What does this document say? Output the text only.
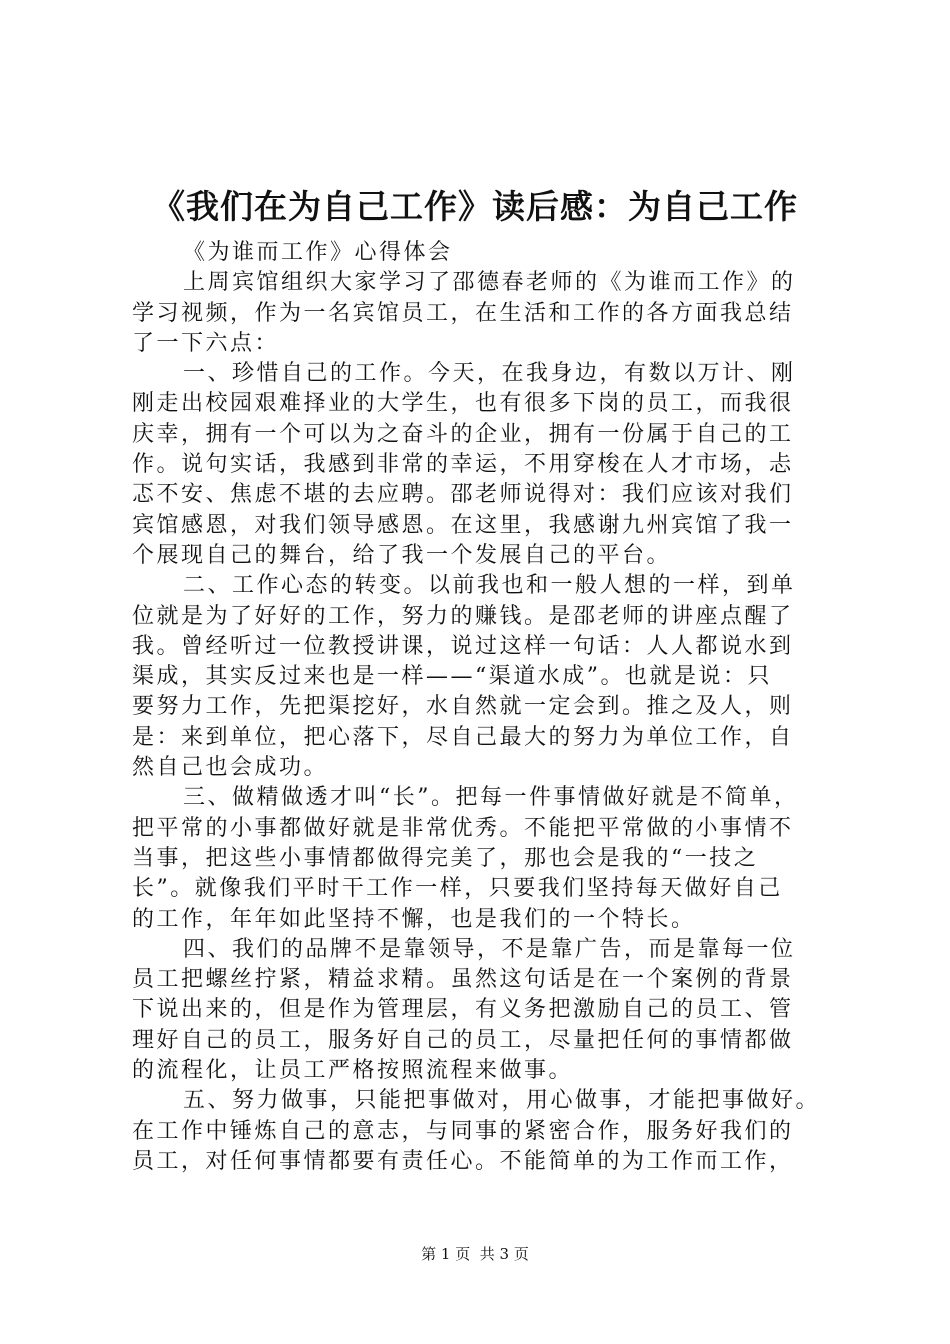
《我们在为自己工作》读后感：为自己工作
《为谁而工作》心得体会
上周宾馆组织大家学习了邵德春老师的《为谁而工作》的
学习视频，作为一名宾馆员工，在生活和工作的各方面我总结
了一下六点：
一、珍惜自己的工作。今天，在我身边，有数以万计、刚
刚走出校园艰难择业的大学生，也有很多下岗的员工，而我很
庆幸，拥有一个可以为之奋斗的企业，拥有一份属于自己的工
作。说句实话，我感到非常的幸运，不用穿梭在人才市场，忐
忑不安、焦虑不堪的去应聘。邵老师说得对：我们应该对我们
宾馆感恩，对我们领导感恩。在这里，我感谢九州宾馆了我一
个展现自己的舞台，给了我一个发展自己的平台。
二、工作心态的转变。以前我也和一般人想的一样，到单
位就是为了好好的工作，努力的赚钱。是邵老师的讲座点醒了
我。曾经听过一位教授讲课，说过这样一句话：人人都说水到
渠成，其实反过来也是一样——“渠道水成”。也就是说：只
要努力工作，先把渠挖好，水自然就一定会到。推之及人，则
是：来到单位，把心落下，尽自己最大的努力为单位工作，自
然自己也会成功。
三、做精做透才叫“长”。把每一件事情做好就是不简单，
把平常的小事都做好就是非常优秀。不能把平常做的小事情不
当事，把这些小事情都做得完美了，那也会是我的“一技之
长”。就像我们平时干工作一样，只要我们坚持每天做好自己
的工作，年年如此坚持不懈，也是我们的一个特长。
四、我们的品牌不是靠领导，不是靠广告，而是靠每一位
员工把螺丝拧紧，精益求精。虽然这句话是在一个案例的背景
下说出来的，但是作为管理层，有义务把激励自己的员工、管
理好自己的员工，服务好自己的员工，尽量把任何的事情都做
的流程化，让员工严格按照流程来做事。
五、努力做事，只能把事做对，用心做事，才能把事做好。
在工作中锤炼自己的意志，与同事的紧密合作，服务好我们的
员工，对任何事情都要有责任心。不能简单的为工作而工作，
第 1 页  共 3 页
